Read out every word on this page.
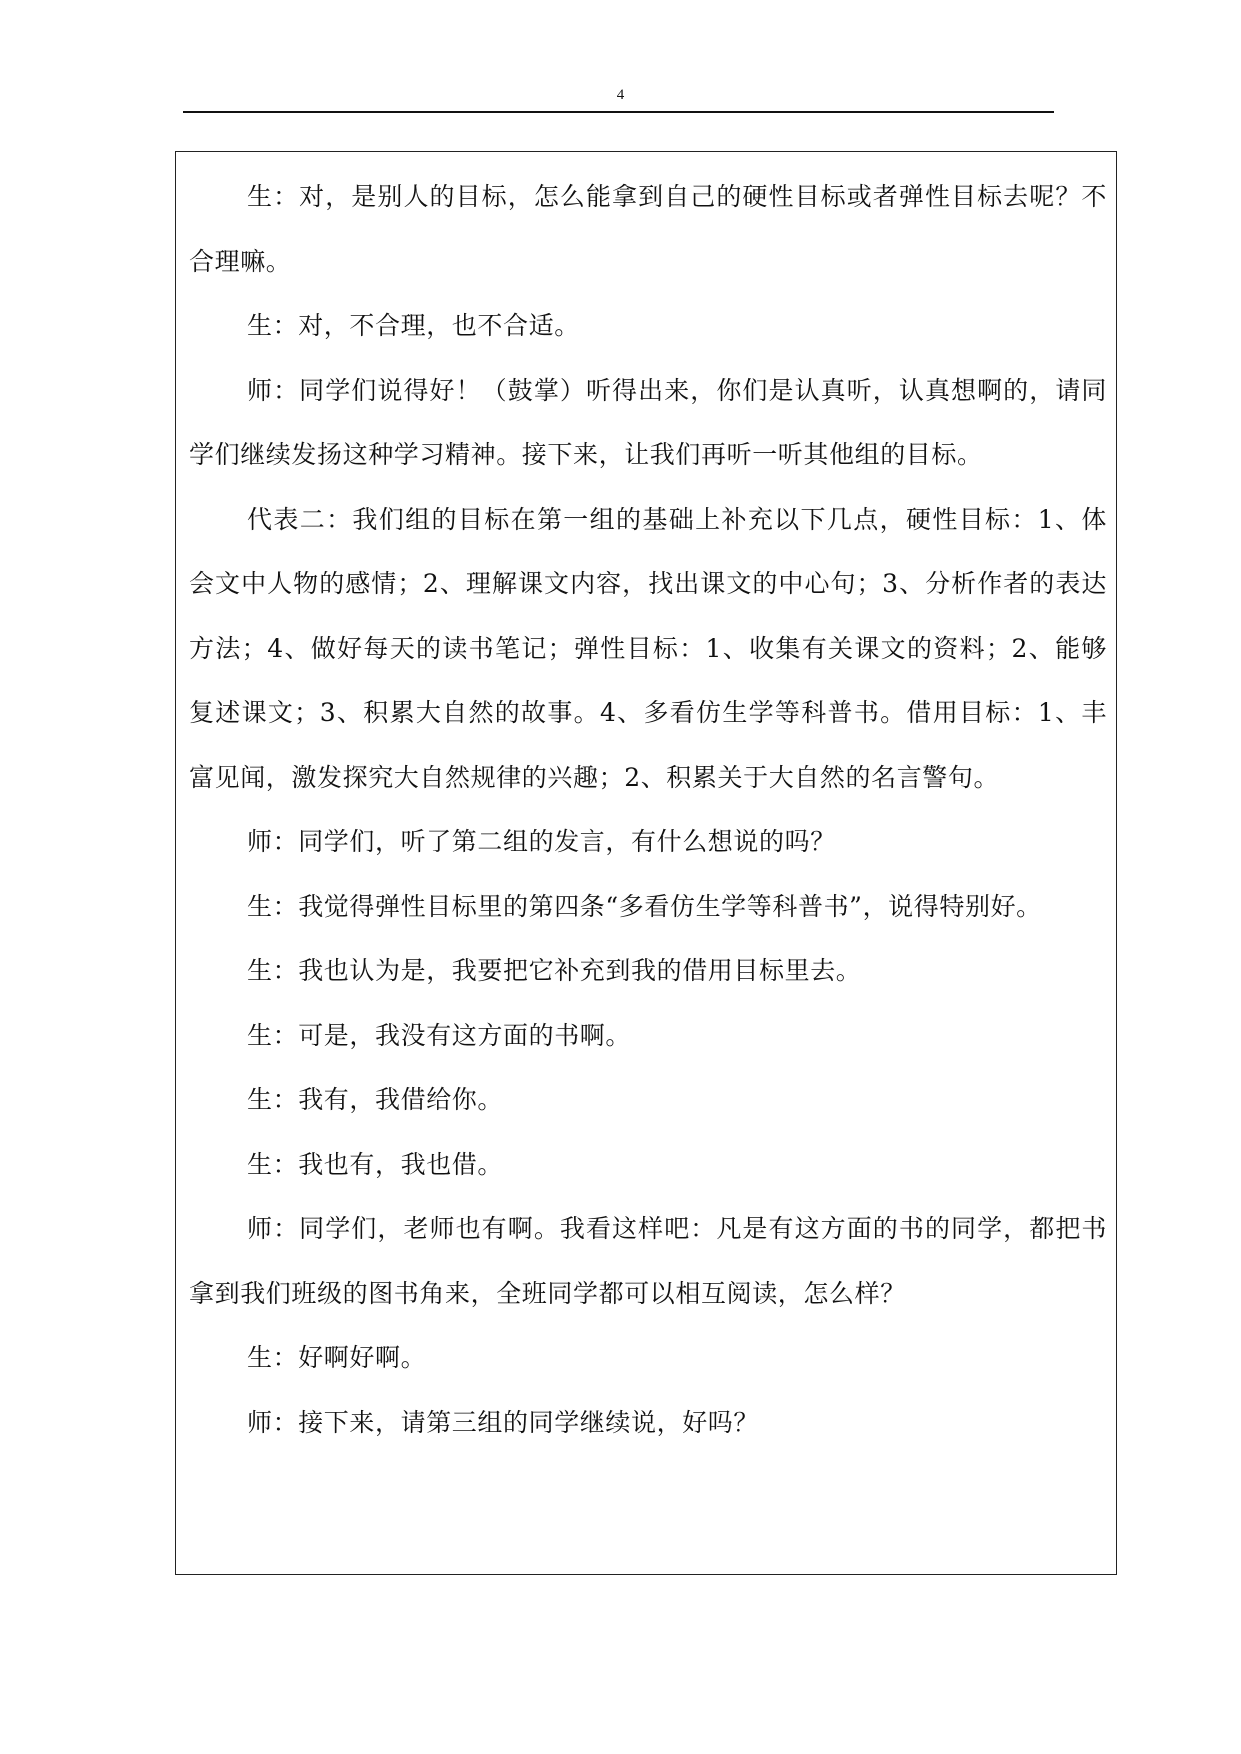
4

生：对，是别人的目标，怎么能拿到自己的硬性目标或者弹性目标去呢？不合理嘛。

生：对，不合理，也不合适。

师：同学们说得好！（鼓掌）听得出来，你们是认真听，认真想啊的，请同学们继续发扬这种学习精神。接下来，让我们再听一听其他组的目标。

代表二：我们组的目标在第一组的基础上补充以下几点，硬性目标：1、体会文中人物的感情；2、理解课文内容，找出课文的中心句；3、分析作者的表达方法；4、做好每天的读书笔记；弹性目标：1、收集有关课文的资料；2、能够复述课文；3、积累大自然的故事。4、多看仿生学等科普书。借用目标：1、丰富见闻，激发探究大自然规律的兴趣；2、积累关于大自然的名言警句。

师：同学们，听了第二组的发言，有什么想说的吗？

生：我觉得弹性目标里的第四条“多看仿生学等科普书”，说得特别好。

生：我也认为是，我要把它补充到我的借用目标里去。

生：可是，我没有这方面的书啊。

生：我有，我借给你。

生：我也有，我也借。

师：同学们，老师也有啊。我看这样吧：凡是有这方面的书的同学，都把书拿到我们班级的图书角来，全班同学都可以相互阅读，怎么样？

生：好啊好啊。

师：接下来，请第三组的同学继续说，好吗？
